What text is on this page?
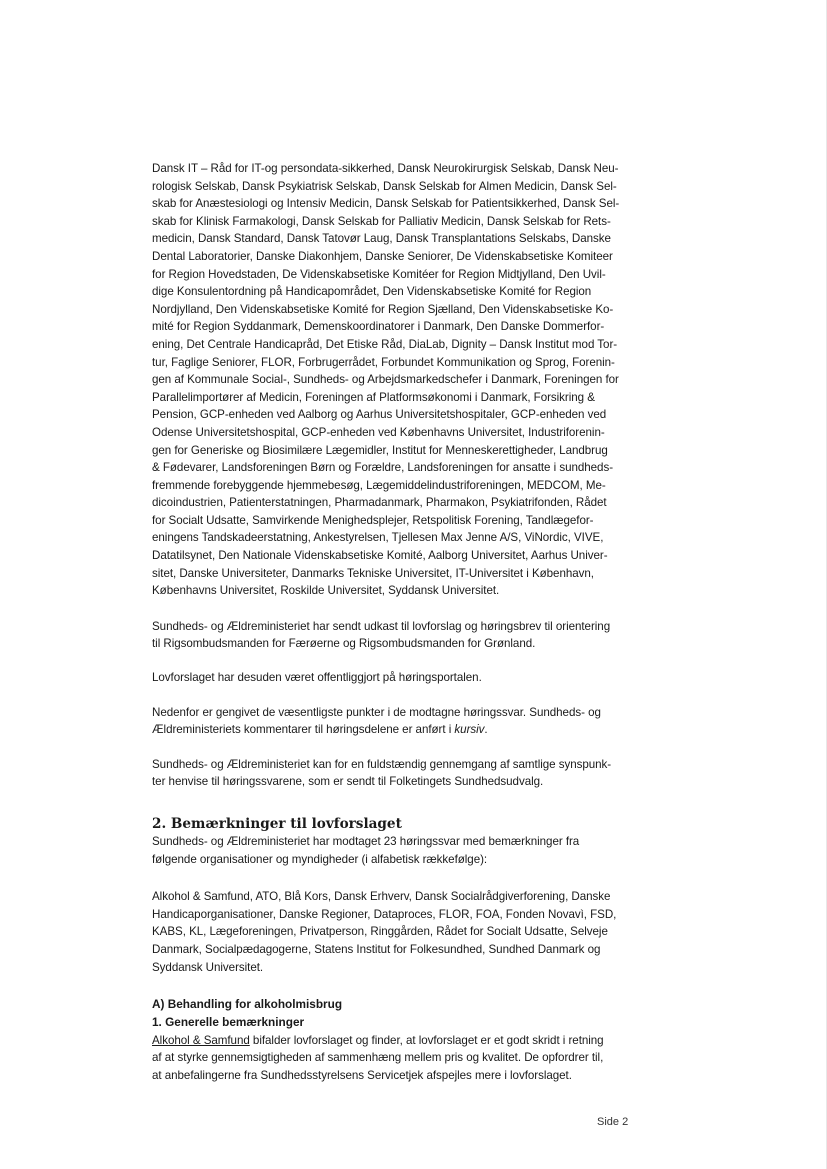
Dansk IT – Råd for IT-og persondata-sikkerhed, Dansk Neurokirurgisk Selskab, Dansk Neu-
rologisk Selskab, Dansk Psykiatrisk Selskab, Dansk Selskab for Almen Medicin, Dansk Sel-
skab for Anæstesiologi og Intensiv Medicin, Dansk Selskab for Patientsikkerhed, Dansk Sel-
skab for Klinisk Farmakologi, Dansk Selskab for Palliativ Medicin, Dansk Selskab for Rets-
medicin, Dansk Standard, Dansk Tatovør Laug, Dansk Transplantations Selskabs, Danske
Dental Laboratorier, Danske Diakonhjem, Danske Seniorer, De Videnskabsetiske Komiteer
for Region Hovedstaden, De Videnskabsetiske Komitéer for Region Midtjylland, Den Uvil-
dige Konsulentordning på Handicapområdet, Den Videnskabsetiske Komité for Region
Nordjylland, Den Videnskabsetiske Komité for Region Sjælland, Den Videnskabsetiske Ko-
mité for Region Syddanmark, Demenskoordinatorer i Danmark, Den Danske Dommerfor-
ening, Det Centrale Handicapråd, Det Etiske Råd, DiaLab, Dignity – Dansk Institut mod Tor-
tur, Faglige Seniorer, FLOR, Forbrugerrådet, Forbundet Kommunikation og Sprog, Forenin-
gen af Kommunale Social-, Sundheds- og Arbejdsmarkedschefer i Danmark, Foreningen for
Parallelimportører af Medicin, Foreningen af Platformsøkonomi i Danmark, Forsikring &
Pension, GCP-enheden ved Aalborg og Aarhus Universitetshospitaler, GCP-enheden ved
Odense Universitetshospital, GCP-enheden ved Københavns Universitet, Industriforenin-
gen for Generiske og Biosimilære Lægemidler, Institut for Menneskerettigheder, Landbrug
& Fødevarer, Landsforeningen Børn og Forældre, Landsforeningen for ansatte i sundheds-
fremmende forebyggende hjemmebesøg, Lægemiddelindustriforeningen, MEDCOM, Me-
dicoindustrien, Patienterstatningen, Pharmadanmark, Pharmakon, Psykiatrifonden, Rådet
for Socialt Udsatte, Samvirkende Menighedsplejer, Retspolitisk Forening, Tandlægefor-
eningens Tandskadeerstatning, Ankestyrelsen, Tjellesen Max Jenne A/S, ViNordic, VIVE,
Datatilsynet, Den Nationale Videnskabsetiske Komité, Aalborg Universitet, Aarhus Univer-
sitet, Danske Universiteter, Danmarks Tekniske Universitet, IT-Universitet i København,
Københavns Universitet, Roskilde Universitet, Syddansk Universitet.

Sundheds- og Ældreministeriet har sendt udkast til lovforslag og høringsbrev til orientering
til Rigsombudsmanden for Færøerne og Rigsombudsmanden for Grønland.

Lovforslaget har desuden været offentliggjort på høringsportalen.

Nedenfor er gengivet de væsentligste punkter i de modtagne høringssvar. Sundheds- og
Ældreministeriets kommentarer til høringsdelene er anført i kursiv.

Sundheds- og Ældreministeriet kan for en fuldstændig gennemgang af samtlige synspunk-
ter henvise til høringssvarene, som er sendt til Folketingets Sundhedsudvalg.

2. Bemærkninger til lovforslaget

Sundheds- og Ældreministeriet har modtaget 23 høringssvar med bemærkninger fra
følgende organisationer og myndigheder (i alfabetisk rækkefølge):

Alkohol & Samfund, ATO, Blå Kors, Dansk Erhverv, Dansk Socialrådgiverforening, Danske
Handicaporganisationer, Danske Regioner, Dataproces, FLOR, FOA, Fonden Novavì, FSD,
KABS, KL, Lægeforeningen, Privatperson, Ringgården, Rådet for Socialt Udsatte, Selveje
Danmark, Socialpædagogerne, Statens Institut for Folkesundhed, Sundhed Danmark og
Syddansk Universitet.

A) Behandling for alkoholmisbrug

1. Generelle bemærkninger

Alkohol & Samfund bifalder lovforslaget og finder, at lovforslaget er et godt skridt i retning
af at styrke gennemsigtigheden af sammenhæng mellem pris og kvalitet. De opfordrer til,
at anbefalingerne fra Sundhedsstyrelsens Servicetjek afspejles mere i lovforslaget.

Side 2
